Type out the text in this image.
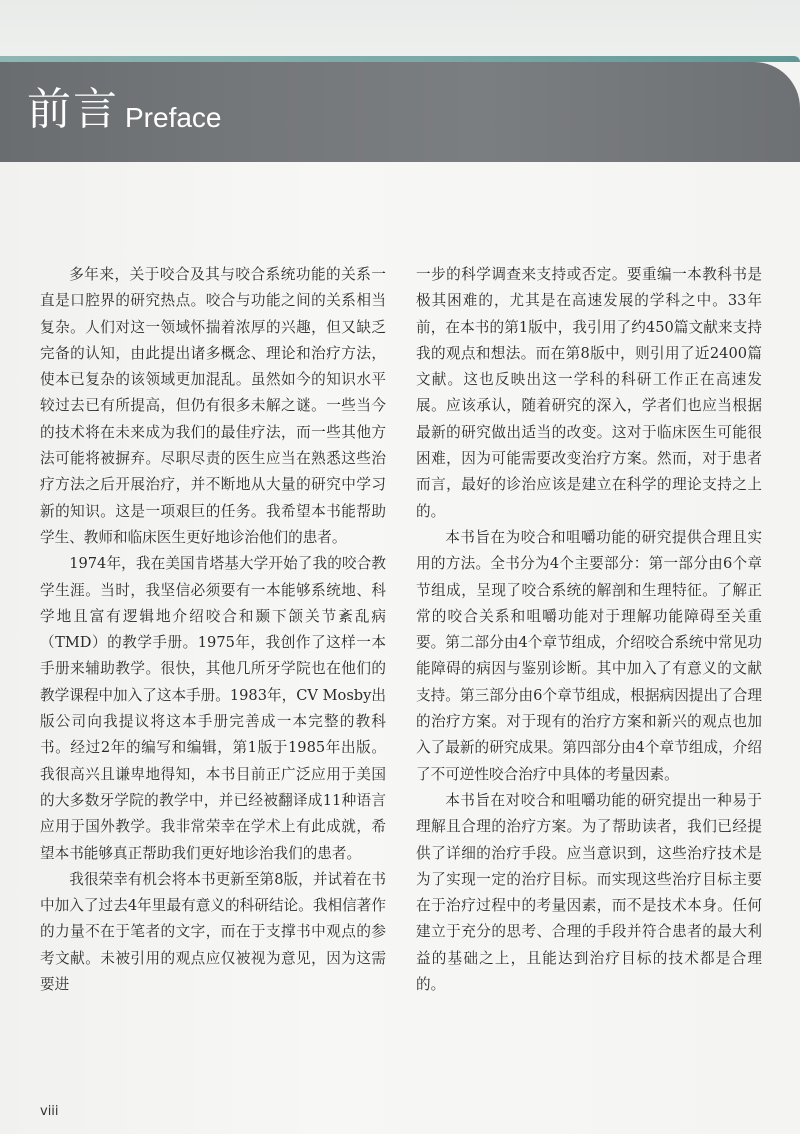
前言 Preface

多年来，关于咬合及其与咬合系统功能的关系一直是口腔界的研究热点。咬合与功能之间的关系相当复杂。人们对这一领域怀揣着浓厚的兴趣，但又缺乏完备的认知，由此提出诸多概念、理论和治疗方法，使本已复杂的该领域更加混乱。虽然如今的知识水平较过去已有所提高，但仍有很多未解之谜。一些当今的技术将在未来成为我们的最佳疗法，而一些其他方法可能将被摒弃。尽职尽责的医生应当在熟悉这些治疗方法之后开展治疗，并不断地从大量的研究中学习新的知识。这是一项艰巨的任务。我希望本书能帮助学生、教师和临床医生更好地诊治他们的患者。

1974年，我在美国肯塔基大学开始了我的咬合教学生涯。当时，我坚信必须要有一本能够系统地、科学地且富有逻辑地介绍咬合和颞下颌关节紊乱病（TMD）的教学手册。1975年，我创作了这样一本手册来辅助教学。很快，其他几所牙学院也在他们的教学课程中加入了这本手册。1983年，CV Mosby出版公司向我提议将这本手册完善成一本完整的教科书。经过2年的编写和编辑，第1版于1985年出版。我很高兴且谦卑地得知，本书目前正广泛应用于美国的大多数牙学院的教学中，并已经被翻译成11种语言应用于国外教学。我非常荣幸在学术上有此成就，希望本书能够真正帮助我们更好地诊治我们的患者。

我很荣幸有机会将本书更新至第8版，并试着在书中加入了过去4年里最有意义的科研结论。我相信著作的力量不在于笔者的文字，而在于支撑书中观点的参考文献。未被引用的观点应仅被视为意见，因为这需要进

一步的科学调查来支持或否定。要重编一本教科书是极其困难的，尤其是在高速发展的学科之中。33年前，在本书的第1版中，我引用了约450篇文献来支持我的观点和想法。而在第8版中，则引用了近2400篇文献。这也反映出这一学科的科研工作正在高速发展。应该承认，随着研究的深入，学者们也应当根据最新的研究做出适当的改变。这对于临床医生可能很困难，因为可能需要改变治疗方案。然而，对于患者而言，最好的诊治应该是建立在科学的理论支持之上的。

本书旨在为咬合和咀嚼功能的研究提供合理且实用的方法。全书分为4个主要部分：第一部分由6个章节组成，呈现了咬合系统的解剖和生理特征。了解正常的咬合关系和咀嚼功能对于理解功能障碍至关重要。第二部分由4个章节组成，介绍咬合系统中常见功能障碍的病因与鉴别诊断。其中加入了有意义的文献支持。第三部分由6个章节组成，根据病因提出了合理的治疗方案。对于现有的治疗方案和新兴的观点也加入了最新的研究成果。第四部分由4个章节组成，介绍了不可逆性咬合治疗中具体的考量因素。

本书旨在对咬合和咀嚼功能的研究提出一种易于理解且合理的治疗方案。为了帮助读者，我们已经提供了详细的治疗手段。应当意识到，这些治疗技术是为了实现一定的治疗目标。而实现这些治疗目标主要在于治疗过程中的考量因素，而不是技术本身。任何建立于充分的思考、合理的手段并符合患者的最大利益的基础之上，且能达到治疗目标的技术都是合理的。

viii
